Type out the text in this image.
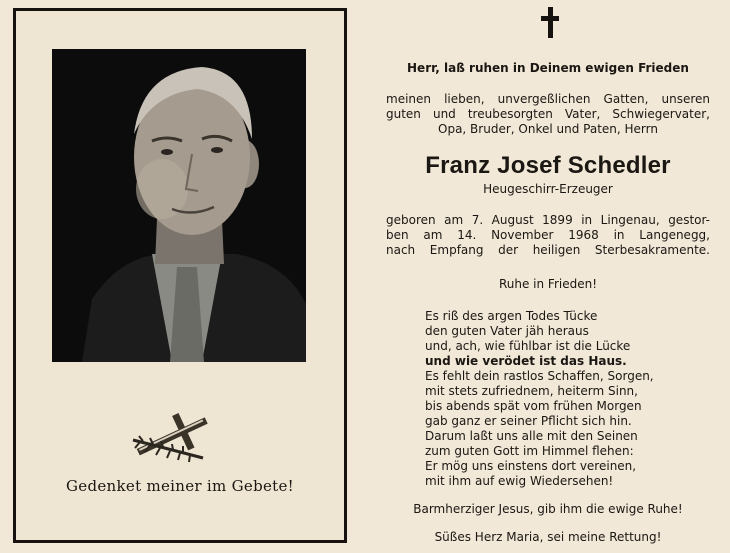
Gedenket meiner im Gebete!
Herr, laß ruhen in Deinem ewigen Frieden
meinen lieben, unvergeßlichen Gatten, unseren
guten und treubesorgten Vater, Schwiegervater,
Opa, Bruder, Onkel und Paten, Herrn
Franz Josef Schedler
Heugeschirr-Erzeuger
geboren am 7. August 1899 in Lingenau, gestor-
ben am 14. November 1968 in Langenegg,
nach Empfang der heiligen Sterbesakramente.
Ruhe in Frieden!
Es riß des argen Todes Tücke
den guten Vater jäh heraus
und, ach, wie fühlbar ist die Lücke
und wie verödet ist das Haus.
Es fehlt dein rastlos Schaffen, Sorgen,
mit stets zufriednem, heiterm Sinn,
bis abends spät vom frühen Morgen
gab ganz er seiner Pflicht sich hin.
Darum laßt uns alle mit den Seinen
zum guten Gott im Himmel flehen:
Er mög uns einstens dort vereinen,
mit ihm auf ewig Wiedersehen!
Barmherziger Jesus, gib ihm die ewige Ruhe!
Süßes Herz Maria, sei meine Rettung!
